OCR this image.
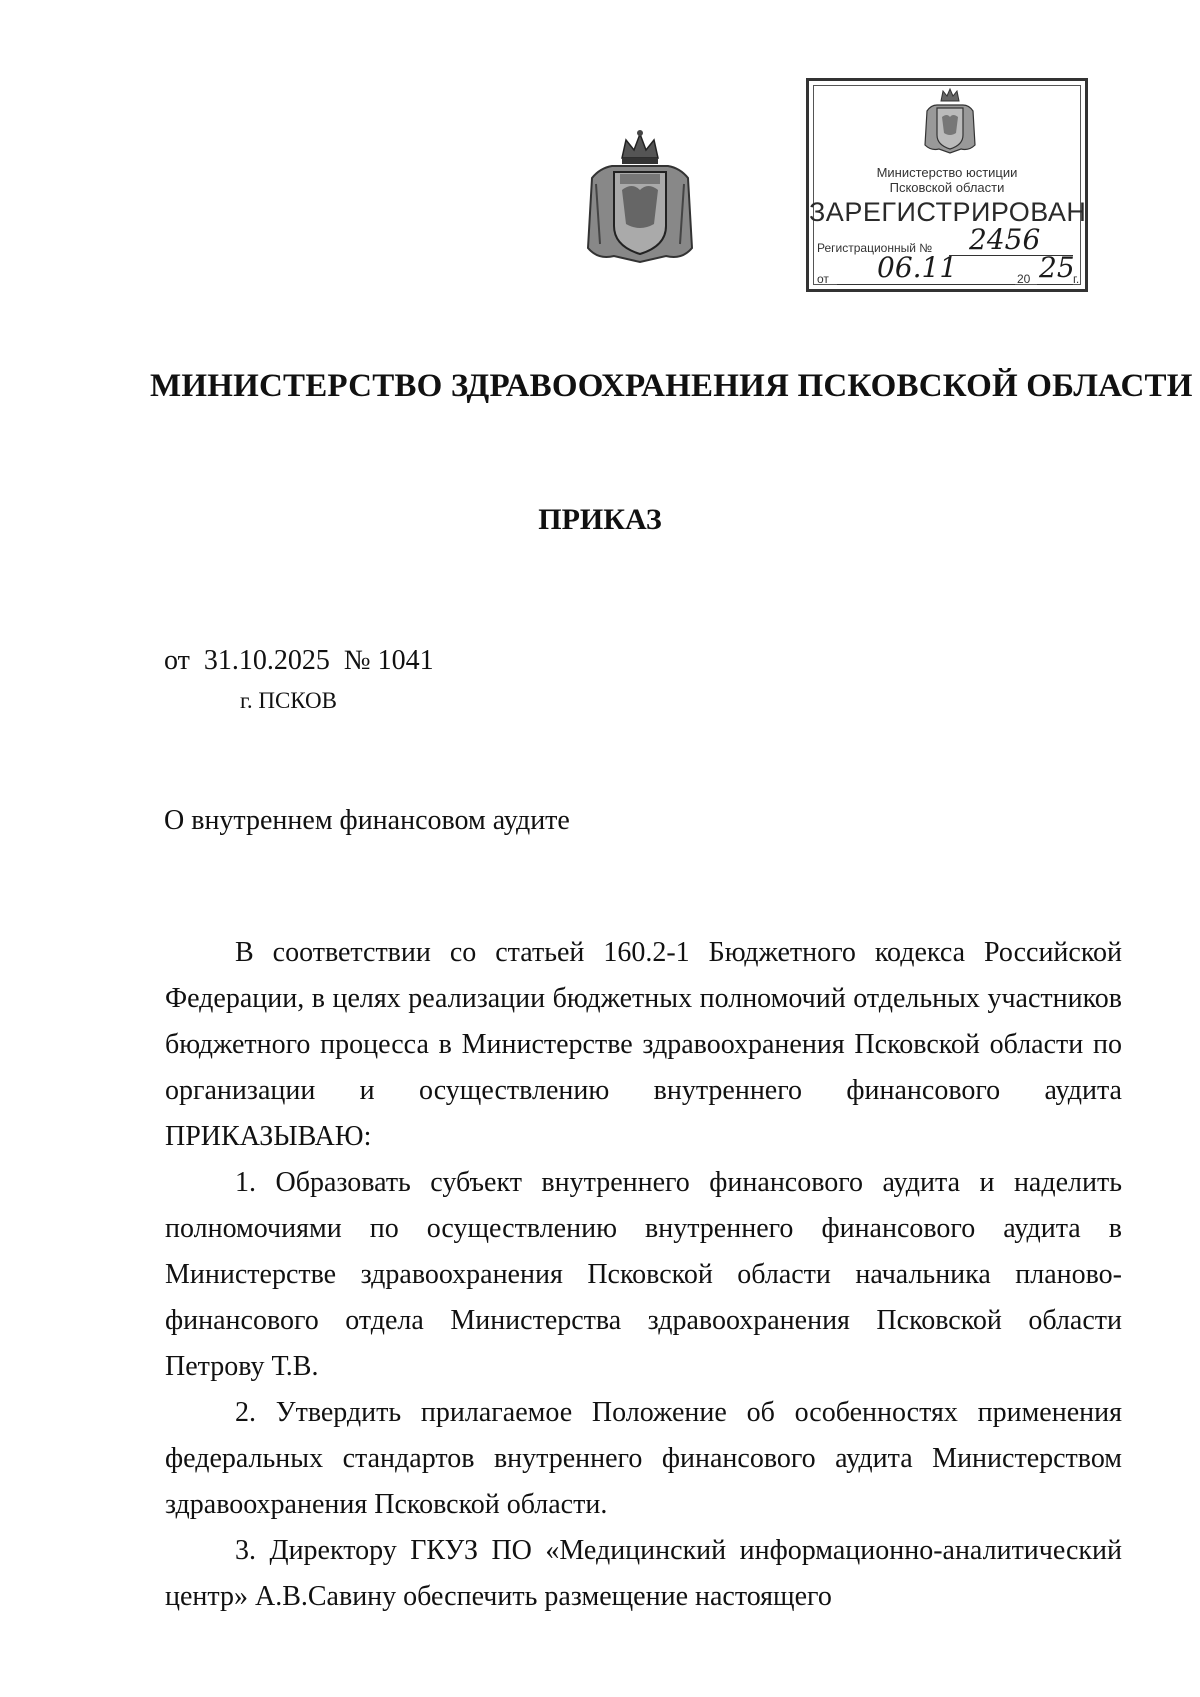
Министерство юстиции
Псковской области
ЗАРЕГИСТРИРОВАН
Регистрационный № 2456
от 06.11	20 25
г.
МИНИСТЕРСТВО ЗДРАВООХРАНЕНИЯ ПСКОВСКОЙ ОБЛАСТИ
ПРИКАЗ
от 31.10.2025 № 1041
г. ПСКОВ
О внутреннем финансовом аудите

В соответствии со статьей 160.2-1 Бюджетного кодекса Российской Федерации, в целях реализации бюджетных полномочий отдельных участников бюджетного процесса в Министерстве здравоохранения Псковской области по организации и осуществлению внутреннего финансового аудита ПРИКАЗЫВАЮ:

1. Образовать субъект внутреннего финансового аудита и наделить полномочиями по осуществлению внутреннего финансового аудита в Министерстве здравоохранения Псковской области начальника планово-финансового отдела Министерства здравоохранения Псковской области Петрову Т.В.

2. Утвердить прилагаемое Положение об особенностях применения федеральных стандартов внутреннего финансового аудита Министерством здравоохранения Псковской области.

3. Директору ГКУЗ ПО «Медицинский информационно-аналитический центр» А.В.Савину обеспечить размещение настоящего
